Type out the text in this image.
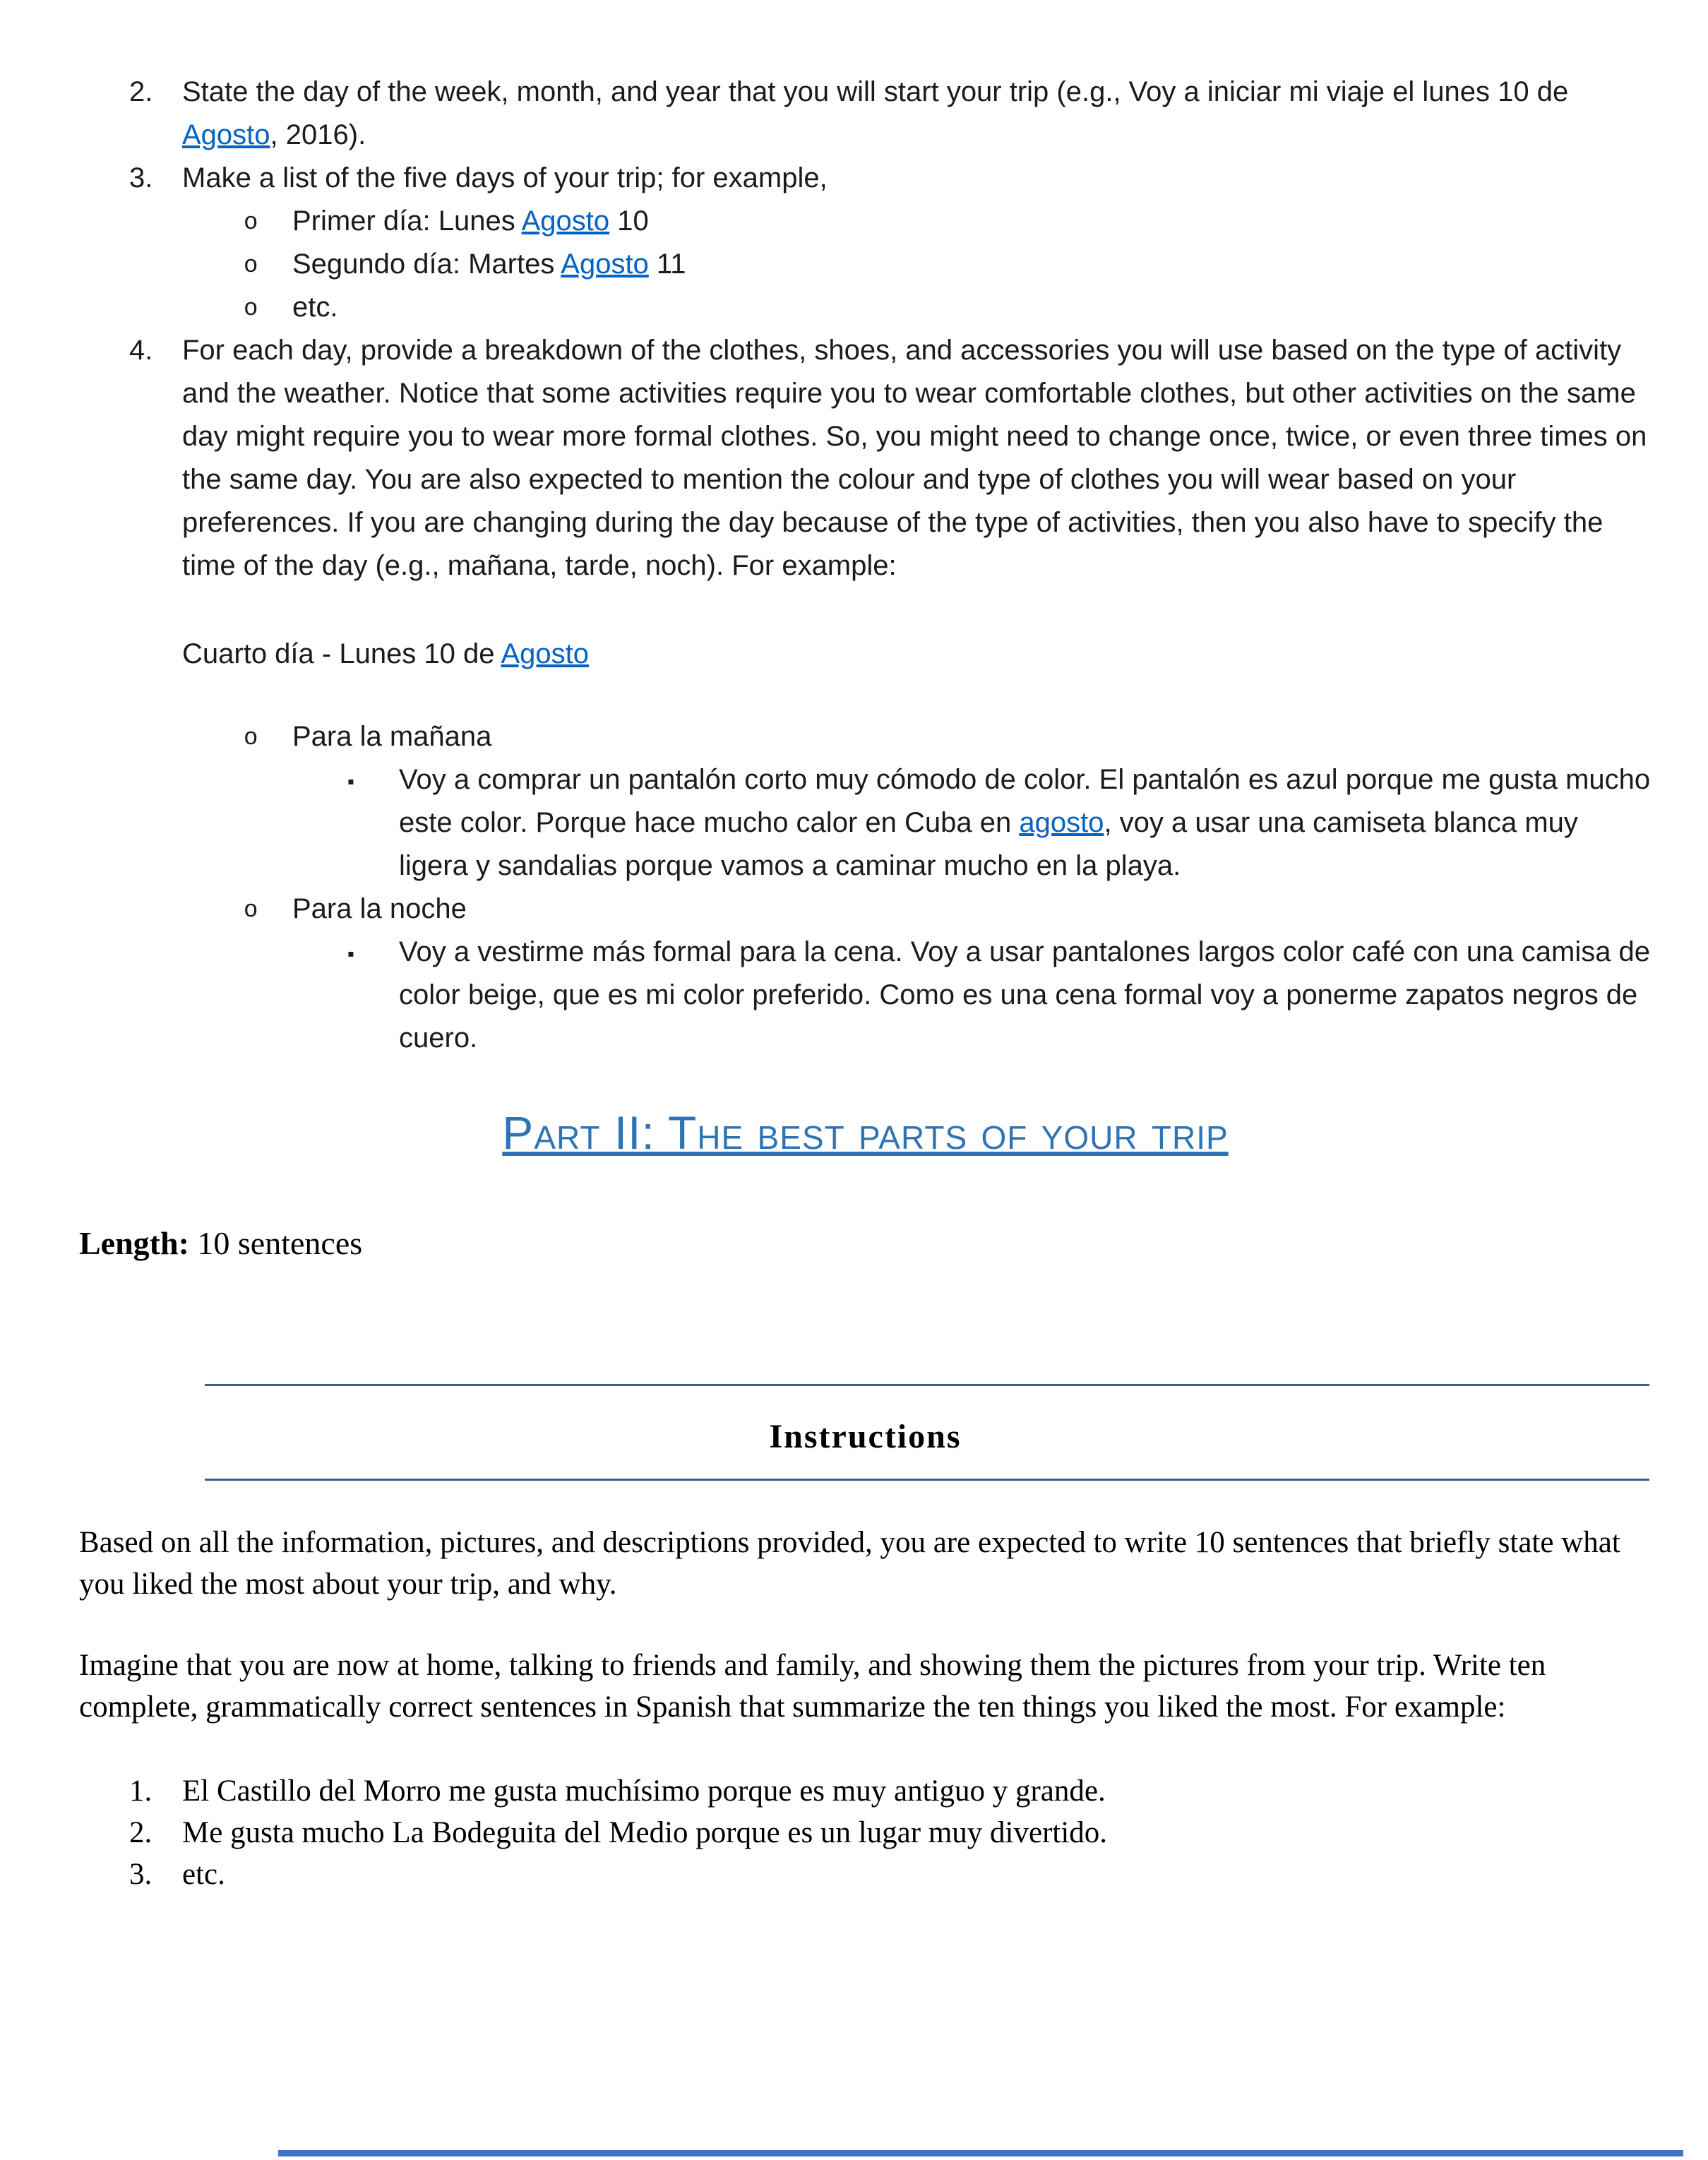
2. State the day of the week, month, and year that you will start your trip (e.g., Voy a iniciar mi viaje el lunes 10 de Agosto, 2016).
3. Make a list of the five days of your trip; for example,
o Primer día: Lunes Agosto 10
o Segundo día: Martes Agosto 11
o etc.
4. For each day, provide a breakdown of the clothes, shoes, and accessories you will use based on the type of activity and the weather. Notice that some activities require you to wear comfortable clothes, but other activities on the same day might require you to wear more formal clothes. So, you might need to change once, twice, or even three times on the same day. You are also expected to mention the colour and type of clothes you will wear based on your preferences. If you are changing during the day because of the type of activities, then you also have to specify the time of the day (e.g., mañana, tarde, noch). For example:
Cuarto día - Lunes 10 de Agosto
o Para la mañana
▪ Voy a comprar un pantalón corto muy cómodo de color. El pantalón es azul porque me gusta mucho este color. Porque hace mucho calor en Cuba en agosto, voy a usar una camiseta blanca muy ligera y sandalias porque vamos a caminar mucho en la playa.
o Para la noche
▪ Voy a vestirme más formal para la cena. Voy a usar pantalones largos color café con una camisa de color beige, que es mi color preferido. Como es una cena formal voy a ponerme zapatos negros de cuero.
Part II: The best parts of your trip
Length: 10 sentences
Instructions

Based on all the information, pictures, and descriptions provided, you are expected to write 10 sentences that briefly state what you liked the most about your trip, and why.

Imagine that you are now at home, talking to friends and family, and showing them the pictures from your trip. Write ten complete, grammatically correct sentences in Spanish that summarize the ten things you liked the most. For example:

1. El Castillo del Morro me gusta muchísimo porque es muy antiguo y grande.
2. Me gusta mucho La Bodeguita del Medio porque es un lugar muy divertido.
3. etc.
